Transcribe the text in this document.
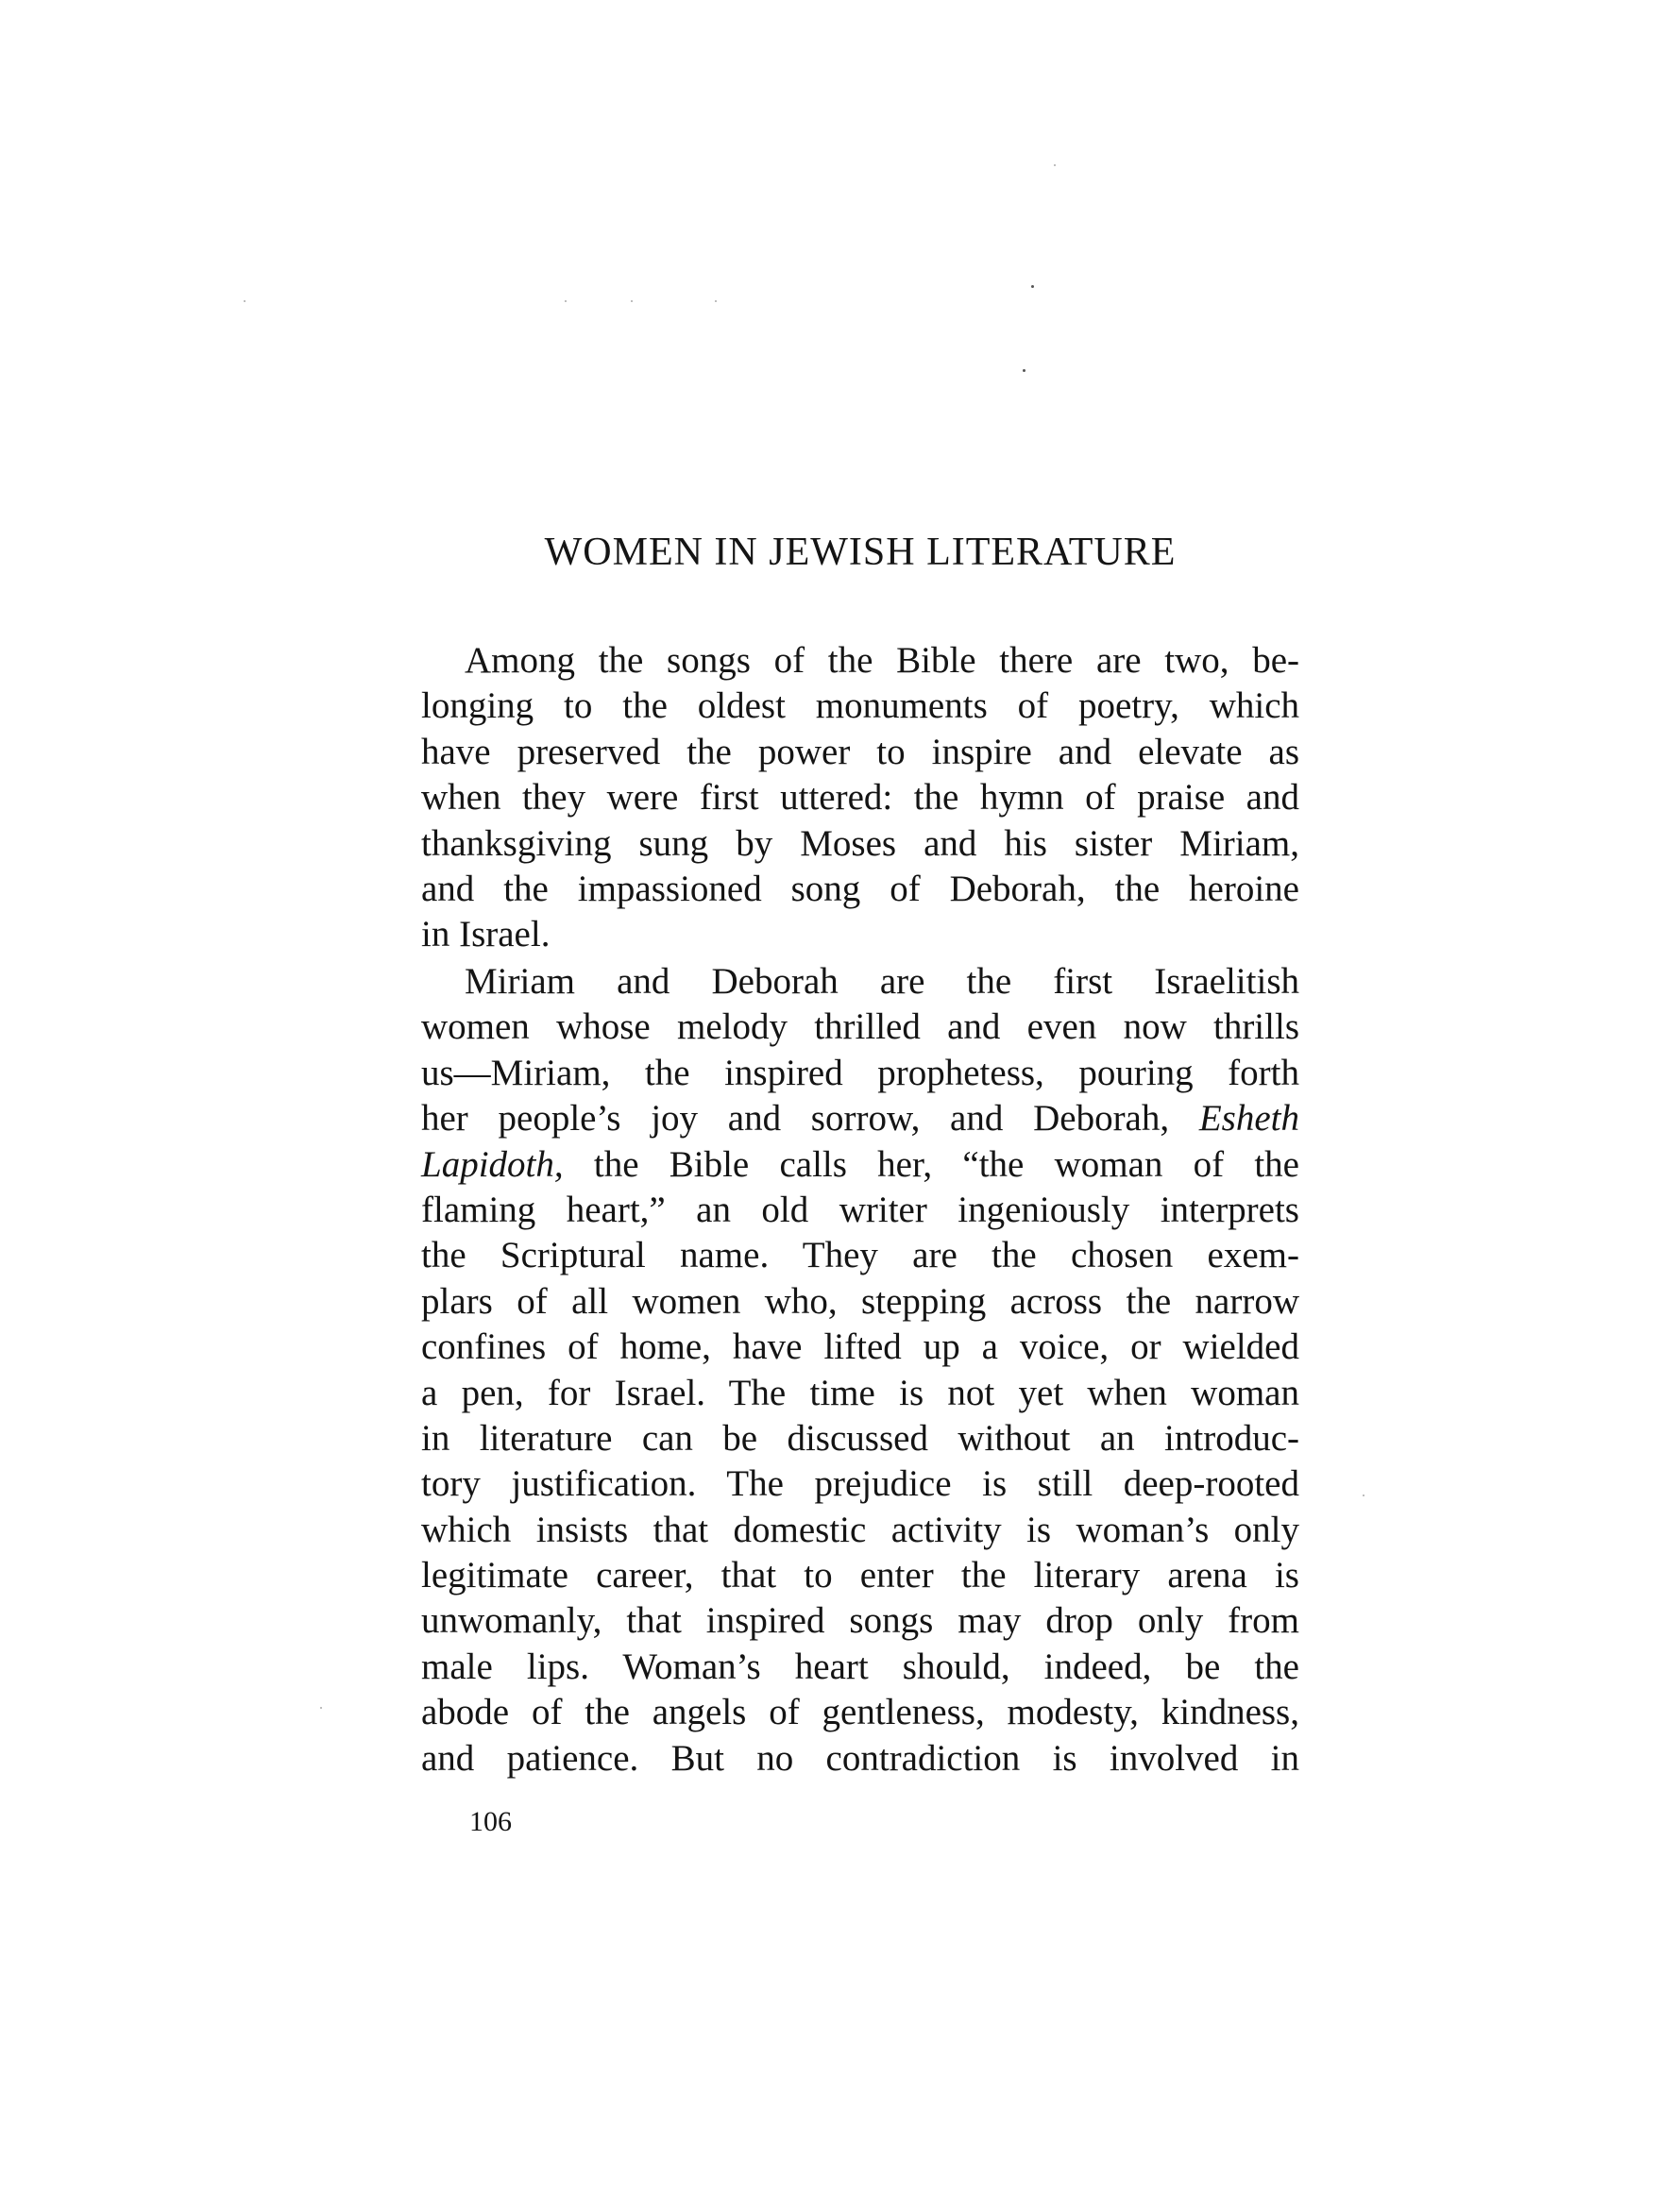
WOMEN IN JEWISH LITERATURE
Among the songs of the Bible there are two, be-
longing to the oldest monuments of poetry, which
have preserved the power to inspire and elevate as
when they were first uttered: the hymn of praise and
thanksgiving sung by Moses and his sister Miriam,
and the impassioned song of Deborah, the heroine
in Israel.
Miriam and Deborah are the first Israelitish
women whose melody thrilled and even now thrills
us—Miriam, the inspired prophetess, pouring forth
her people’s joy and sorrow, and Deborah, Esheth
Lapidoth, the Bible calls her, “the woman of the
flaming heart,” an old writer ingeniously interprets
the Scriptural name. They are the chosen exem-
plars of all women who, stepping across the narrow
confines of home, have lifted up a voice, or wielded
a pen, for Israel. The time is not yet when woman
in literature can be discussed without an introduc-
tory justification. The prejudice is still deep-rooted
which insists that domestic activity is woman’s only
legitimate career, that to enter the literary arena is
unwomanly, that inspired songs may drop only from
male lips. Woman’s heart should, indeed, be the
abode of the angels of gentleness, modesty, kindness,
and patience. But no contradiction is involved in

106
